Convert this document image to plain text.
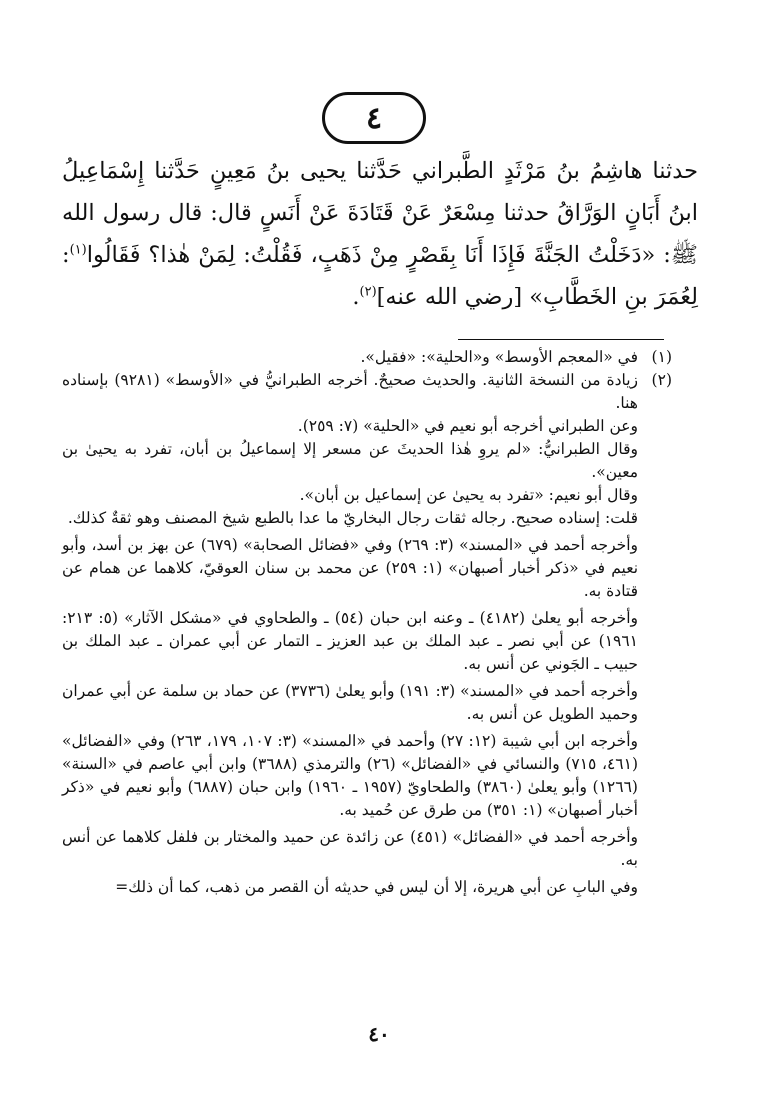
٤

حدثنا هاشِمُ بنُ مَرْثَدٍ الطَّبراني حَدَّثنا يحيى بنُ مَعِينٍ حَدَّثنا إِسْمَاعِيلُ ابنُ أَبَانٍ الوَرَّاقُ حدثنا مِسْعَرٌ عَنْ قَتَادَةَ عَنْ أَنَسٍ قال: قال رسول الله ﷺ: «دَخَلْتُ الجَنَّةَ فَإِذَا أَنَا بِقَصْرٍ مِنْ ذَهَبٍ، فَقُلْتُ: لِمَنْ هٰذا؟ فَقَالُوا$^{(١)}$: لِعُمَرَ بنِ الخَطَّابِ» [رضي الله عنه]$^{(٢)}$.

(١)

في «المعجم الأوسط» و«الحلية»: «فقيل».

(٢)

زيادة من النسخة الثانية. والحديث صحيحٌ. أخرجه الطبرانيُّ في «الأوسط» (٩٢٨١) بإسناده هنا.

وعن الطبراني أخرجه أبو نعيم في «الحلية» (٧: ٢٥٩).

وقال الطبرانيُّ: «لم يروِ هٰذا الحديثَ عن مسعر إلا إسماعيلُ بن أبان، تفرد به يحيىٰ بن معين».

وقال أبو نعيم: «تفرد به يحيىٰ عن إسماعيل بن أبان».

قلت: إسناده صحيح. رجاله ثقات رجال البخاريّ ما عدا بالطبع شيخ المصنف وهو ثقةٌ كذلك.

وأخرجه أحمد في «المسند» (٣: ٢٦٩) وفي «فضائل الصحابة» (٦٧٩) عن بهز بن أسد، وأبو نعيم في «ذكر أخبار أصبهان» (١: ٢٥٩) عن محمد بن سنان العوقيّ، كلاهما عن همام عن قتادة به.

وأخرجه أبو يعلىٰ (٤١٨٢) ـ وعنه ابن حبان (٥٤) ـ والطحاوي في «مشكل الآثار» (٥: ٢١٣: ١٩٦١) عن أبي نصر ـ عبد الملك بن عبد العزيز ـ التمار عن أبي عمران ـ عبد الملك بن حبيب ـ الجَوني عن أنس به.

وأخرجه أحمد في «المسند» (٣: ١٩١) وأبو يعلىٰ (٣٧٣٦) عن حماد بن سلمة عن أبي عمران وحميد الطويل عن أنس به.

وأخرجه ابن أبي شيبة (١٢: ٢٧) وأحمد في «المسند» (٣: ١٠٧، ١٧٩، ٢٦٣) وفي «الفضائل» (٤٦١، ٧١٥) والنسائي في «الفضائل» (٢٦) والترمذي (٣٦٨٨) وابن أبي عاصم في «السنة» (١٢٦٦) وأبو يعلىٰ (٣٨٦٠) والطحاويّ (١٩٥٧ ـ ١٩٦٠) وابن حبان (٦٨٨٧) وأبو نعيم في «ذكر أخبار أصبهان» (١: ٣٥١) من طرق عن حُميد به.

وأخرجه أحمد في «الفضائل» (٤٥١) عن زائدة عن حميد والمختار بن فلفل كلاهما عن أنس به.

وفي البابِ عن أبي هريرة، إلا أن ليس في حديثه أن القصر من ذهب، كما أن ذلك=

٤٠
